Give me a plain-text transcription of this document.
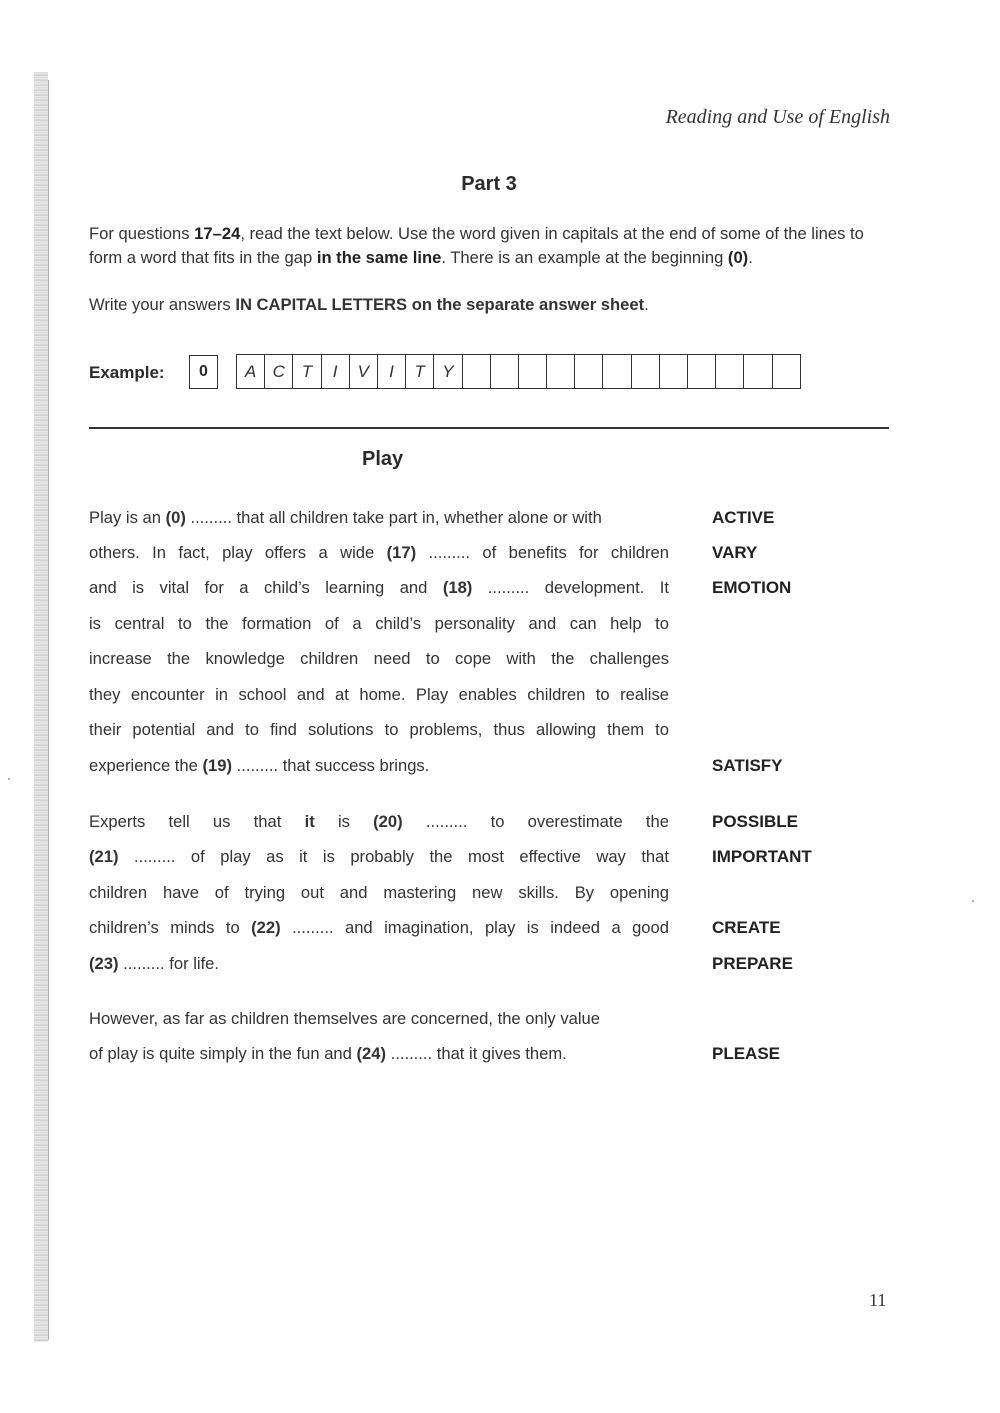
Reading and Use of English
Part 3
For questions 17–24, read the text below. Use the word given in capitals at the end of some of the lines to form a word that fits in the gap in the same line. There is an example at the beginning (0).
Write your answers IN CAPITAL LETTERS on the separate answer sheet.
Example:	0	A C T	I	V	I	T	Y
Play
Play is an (0) ......... that all children take part in, whether alone or with	ACTIVE
others. In fact, play offers a wide (17) ......... of benefits for children	VARY
and is vital for a child’s learning and (18) ......... development. It	EMOTION
is central to the formation of a child’s personality and can help to
increase the knowledge children need to cope with the challenges
they encounter in school and at home. Play enables children to realise
their potential and to find solutions to problems, thus allowing them to
experience the (19) ......... that success brings.	SATISFY
Experts tell us that it is (20) ......... to overestimate the	POSSIBLE
(21) ......... of play as it is probably the most effective way that	IMPORTANT
children have of trying out and mastering new skills. By opening
children’s minds to (22) ......... and imagination, play is indeed a good	CREATE
(23) ......... for life.	PREPARE
However, as far as children themselves are concerned, the only value
of play is quite simply in the fun and (24) ......... that it gives them.	PLEASE
11
